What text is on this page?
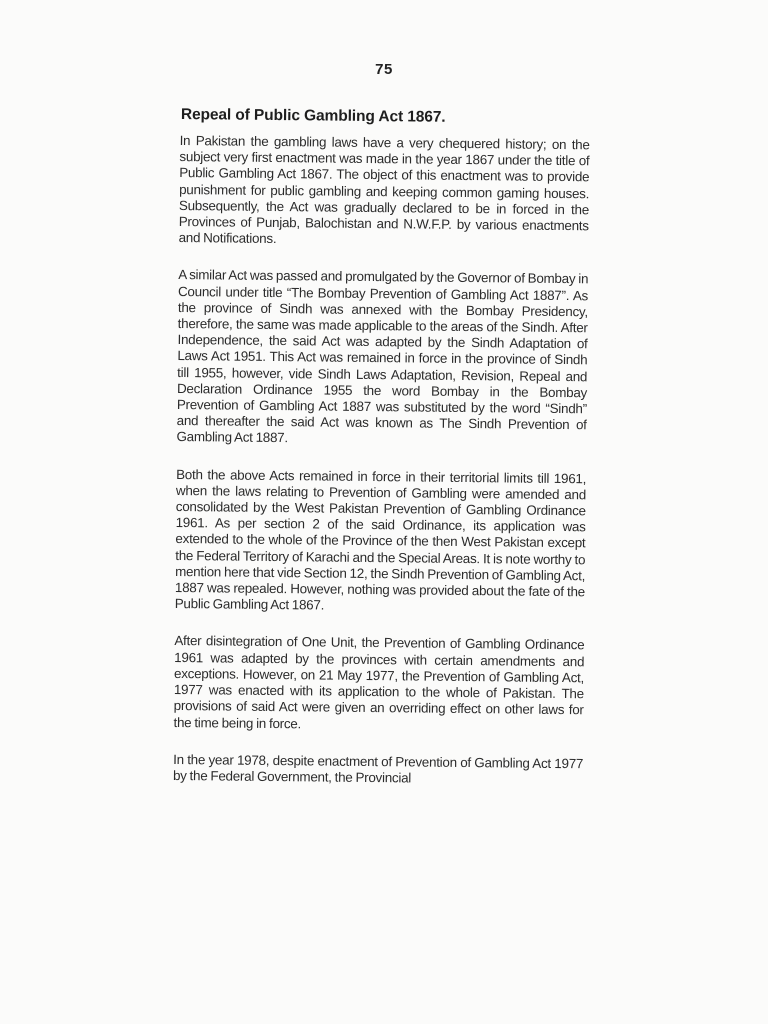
75
Repeal of Public Gambling Act 1867.

In Pakistan the gambling laws have a very chequered history; on the subject very first enactment was made in the year 1867 under the title of Public Gambling Act 1867. The object of this enactment was to provide punishment for public gambling and keeping common gaming houses. Subsequently, the Act was gradually declared to be in forced in the Provinces of Punjab, Balochistan and N.W.F.P. by various enactments and Notifications.

A similar Act was passed and promulgated by the Governor of Bombay in Council under title “The Bombay Prevention of Gambling Act 1887”. As the province of Sindh was annexed with the Bombay Presidency, therefore, the same was made applicable to the areas of the Sindh. After Independence, the said Act was adapted by the Sindh Adaptation of Laws Act 1951. This Act was remained in force in the province of Sindh till 1955, however, vide Sindh Laws Adaptation, Revision, Repeal and Declaration Ordinance 1955 the word Bombay in the Bombay Prevention of Gambling Act 1887 was substituted by the word “Sindh” and thereafter the said Act was known as The Sindh Prevention of Gambling Act 1887.

Both the above Acts remained in force in their territorial limits till 1961, when the laws relating to Prevention of Gambling were amended and consolidated by the West Pakistan Prevention of Gambling Ordinance 1961. As per section 2 of the said Ordinance, its application was extended to the whole of the Province of the then West Pakistan except the Federal Territory of Karachi and the Special Areas. It is note worthy to mention here that vide Section 12, the Sindh Prevention of Gambling Act, 1887 was repealed. However, nothing was provided about the fate of the Public Gambling Act 1867.

After disintegration of One Unit, the Prevention of Gambling Ordinance 1961 was adapted by the provinces with certain amendments and exceptions. However, on 21 May 1977, the Prevention of Gambling Act, 1977 was enacted with its application to the whole of Pakistan. The provisions of said Act were given an overriding effect on other laws for the time being in force.

In the year 1978, despite enactment of Prevention of Gambling Act 1977 by the Federal Government, the Provincial
